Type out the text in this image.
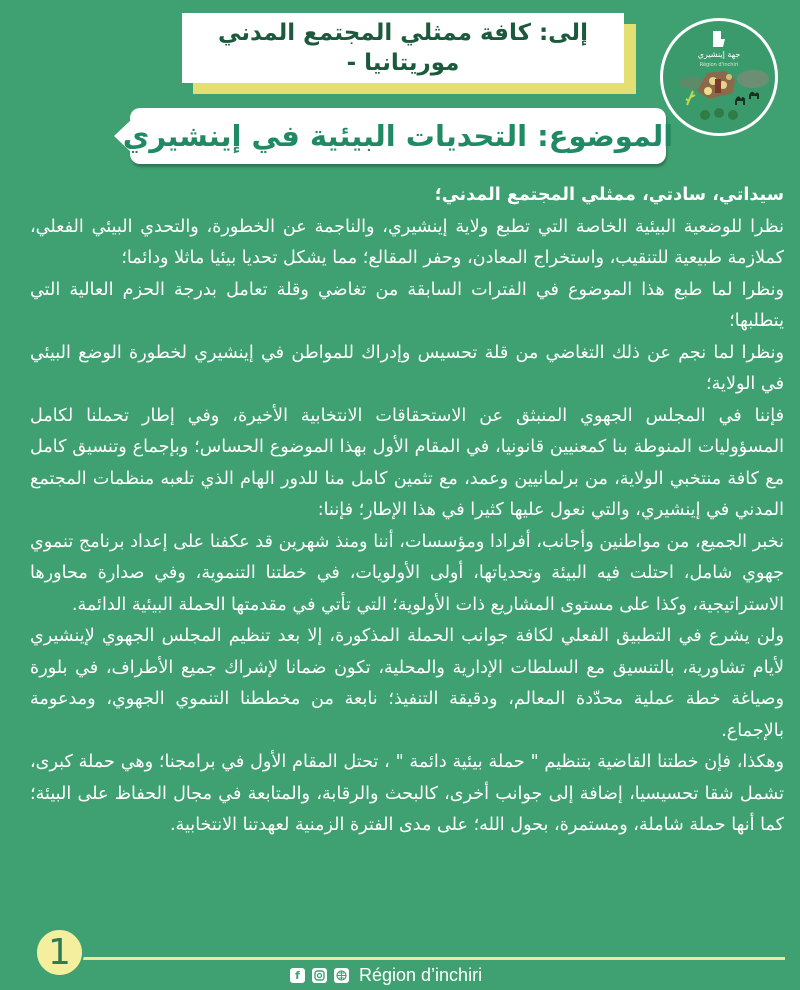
إلى: كافة ممثلي المجتمع المدني
موريتانيا -	جهة إينشيري
Région d'inchiri
الموضوع: التحديات البيئية في إينشيري

سيداتي، سادتي، ممثلي المجتمع المدني؛

نظرا للوضعية البيئية الخاصة التي تطبع ولاية إينشيري، والناجمة عن الخطورة، والتحدي البيئي الفعلي، كملازمة طبيعية للتنقيب، واستخراج المعادن، وحفر المقالع؛ مما يشكل تحديا بيئيا ماثلا ودائما؛

ونظرا لما طبع هذا الموضوع في الفترات السابقة من تغاضي وقلة تعامل بدرجة الحزم العالية التي يتطلبها؛

ونظرا لما نجم عن ذلك التغاضي من قلة تحسيس وإدراك للمواطن في إينشيري لخطورة الوضع البيئي في الولاية؛

فإننا في المجلس الجهوي المنبثق عن الاستحقاقات الانتخابية الأخيرة، وفي إطار تحملنا لكامل المسؤوليات المنوطة بنا كمعنيين قانونيا، في المقام الأول بهذا الموضوع الحساس؛ وبإجماع وتنسيق كامل مع كافة منتخبي الولاية، من برلمانيين وعمد، مع تثمين كامل منا للدور الهام الذي تلعبه منظمات المجتمع المدني في إينشيري، والتي نعول عليها كثيرا في هذا الإطار؛ فإننا:

نخبر الجميع، من مواطنين وأجانب، أفرادا ومؤسسات، أننا ومنذ شهرين قد عكفنا على إعداد برنامج تنموي جهوي شامل، احتلت فيه البيئة وتحدياتها، أولى الأولويات، في خطتنا التنموية، وفي صدارة محاورها الاستراتيجية، وكذا على مستوى المشاريع ذات الأولوية؛ التي تأتي في مقدمتها الحملة البيئية الدائمة.

ولن يشرع في التطبيق الفعلي لكافة جوانب الحملة المذكورة، إلا بعد تنظيم المجلس الجهوي لإينشيري لأيام تشاورية، بالتنسيق مع السلطات الإدارية والمحلية، تكون ضمانا لإشراك جميع الأطراف، في بلورة وصياغة خطة عملية محدّدة المعالم، ودقيقة التنفيذ؛ نابعة من مخططنا التنموي الجهوي، ومدعومة بالإجماع.

وهكذا، فإن خطتنا القاضية بتنظيم " حملة بيئية دائمة " ، تحتل المقام الأول في برامجنا؛ وهي حملة كبرى، تشمل شقا تحسيسيا، إضافة إلى جوانب أخرى، كالبحث والرقابة، والمتابعة في مجال الحفاظ على البيئة؛ كما أنها حملة شاملة، ومستمرة، بحول الله؛ على مدى الفترة الزمنية لعهدتنا الانتخابية.

1
f	Région d’inchiri
